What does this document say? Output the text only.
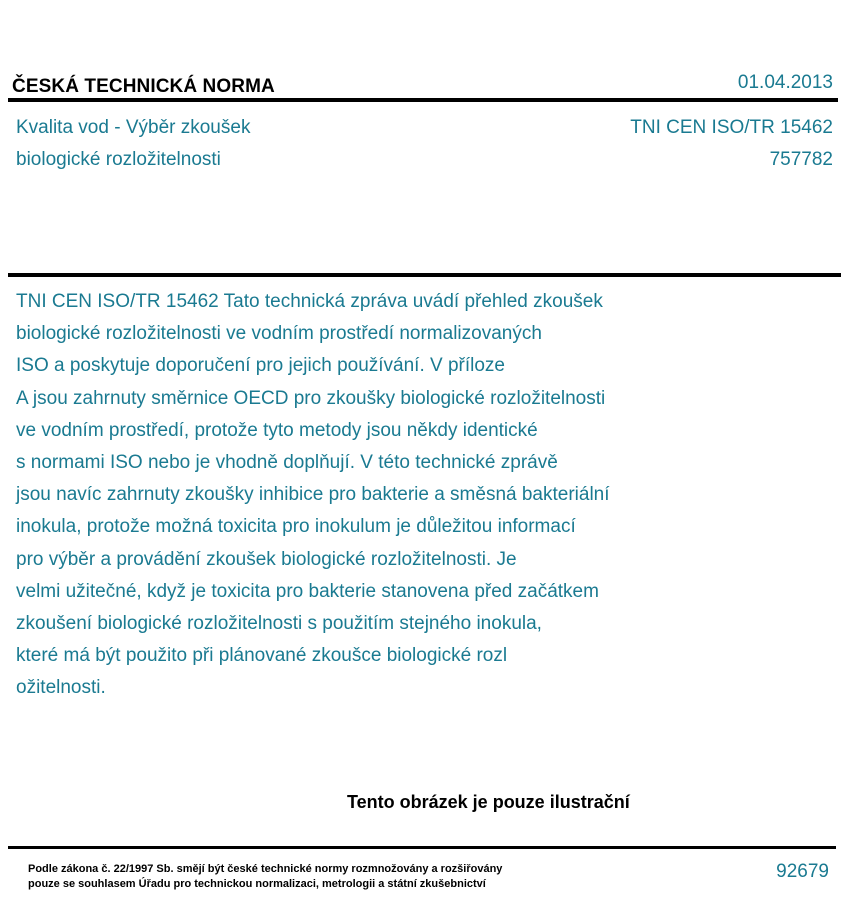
ČESKÁ TECHNICKÁ NORMA	01.04.2013
Kvalita vod - Výběr zkoušek
biologické rozložitelnosti
TNI CEN ISO/TR 15462
757782
TNI CEN ISO/TR 15462 Tato technická zpráva uvádí přehled zkoušek
biologické rozložitelnosti ve vodním prostředí normalizovaných
ISO a poskytuje doporučení pro jejich používání. V příloze
A jsou zahrnuty směrnice OECD pro zkoušky biologické rozložitelnosti
ve vodním prostředí, protože tyto metody jsou někdy identické
s normami ISO nebo je vhodně doplňují. V této technické zprávě
jsou navíc zahrnuty zkoušky inhibice pro bakterie a směsná bakteriální
inokula, protože možná toxicita pro inokulum je důležitou informací
pro výběr a provádění zkoušek biologické rozložitelnosti. Je
velmi užitečné, když je toxicita pro bakterie stanovena před začátkem
zkoušení biologické rozložitelnosti s použitím stejného inokula,
které má být použito při plánované zkoušce biologické rozl
ožitelnosti.
Tento obrázek je pouze ilustrační
Podle zákona č. 22/1997 Sb. smějí být české technické normy rozmnožovány a rozšiřovány
pouze se souhlasem Úřadu pro technickou normalizaci, metrologii a státní zkušebnictví
92679
